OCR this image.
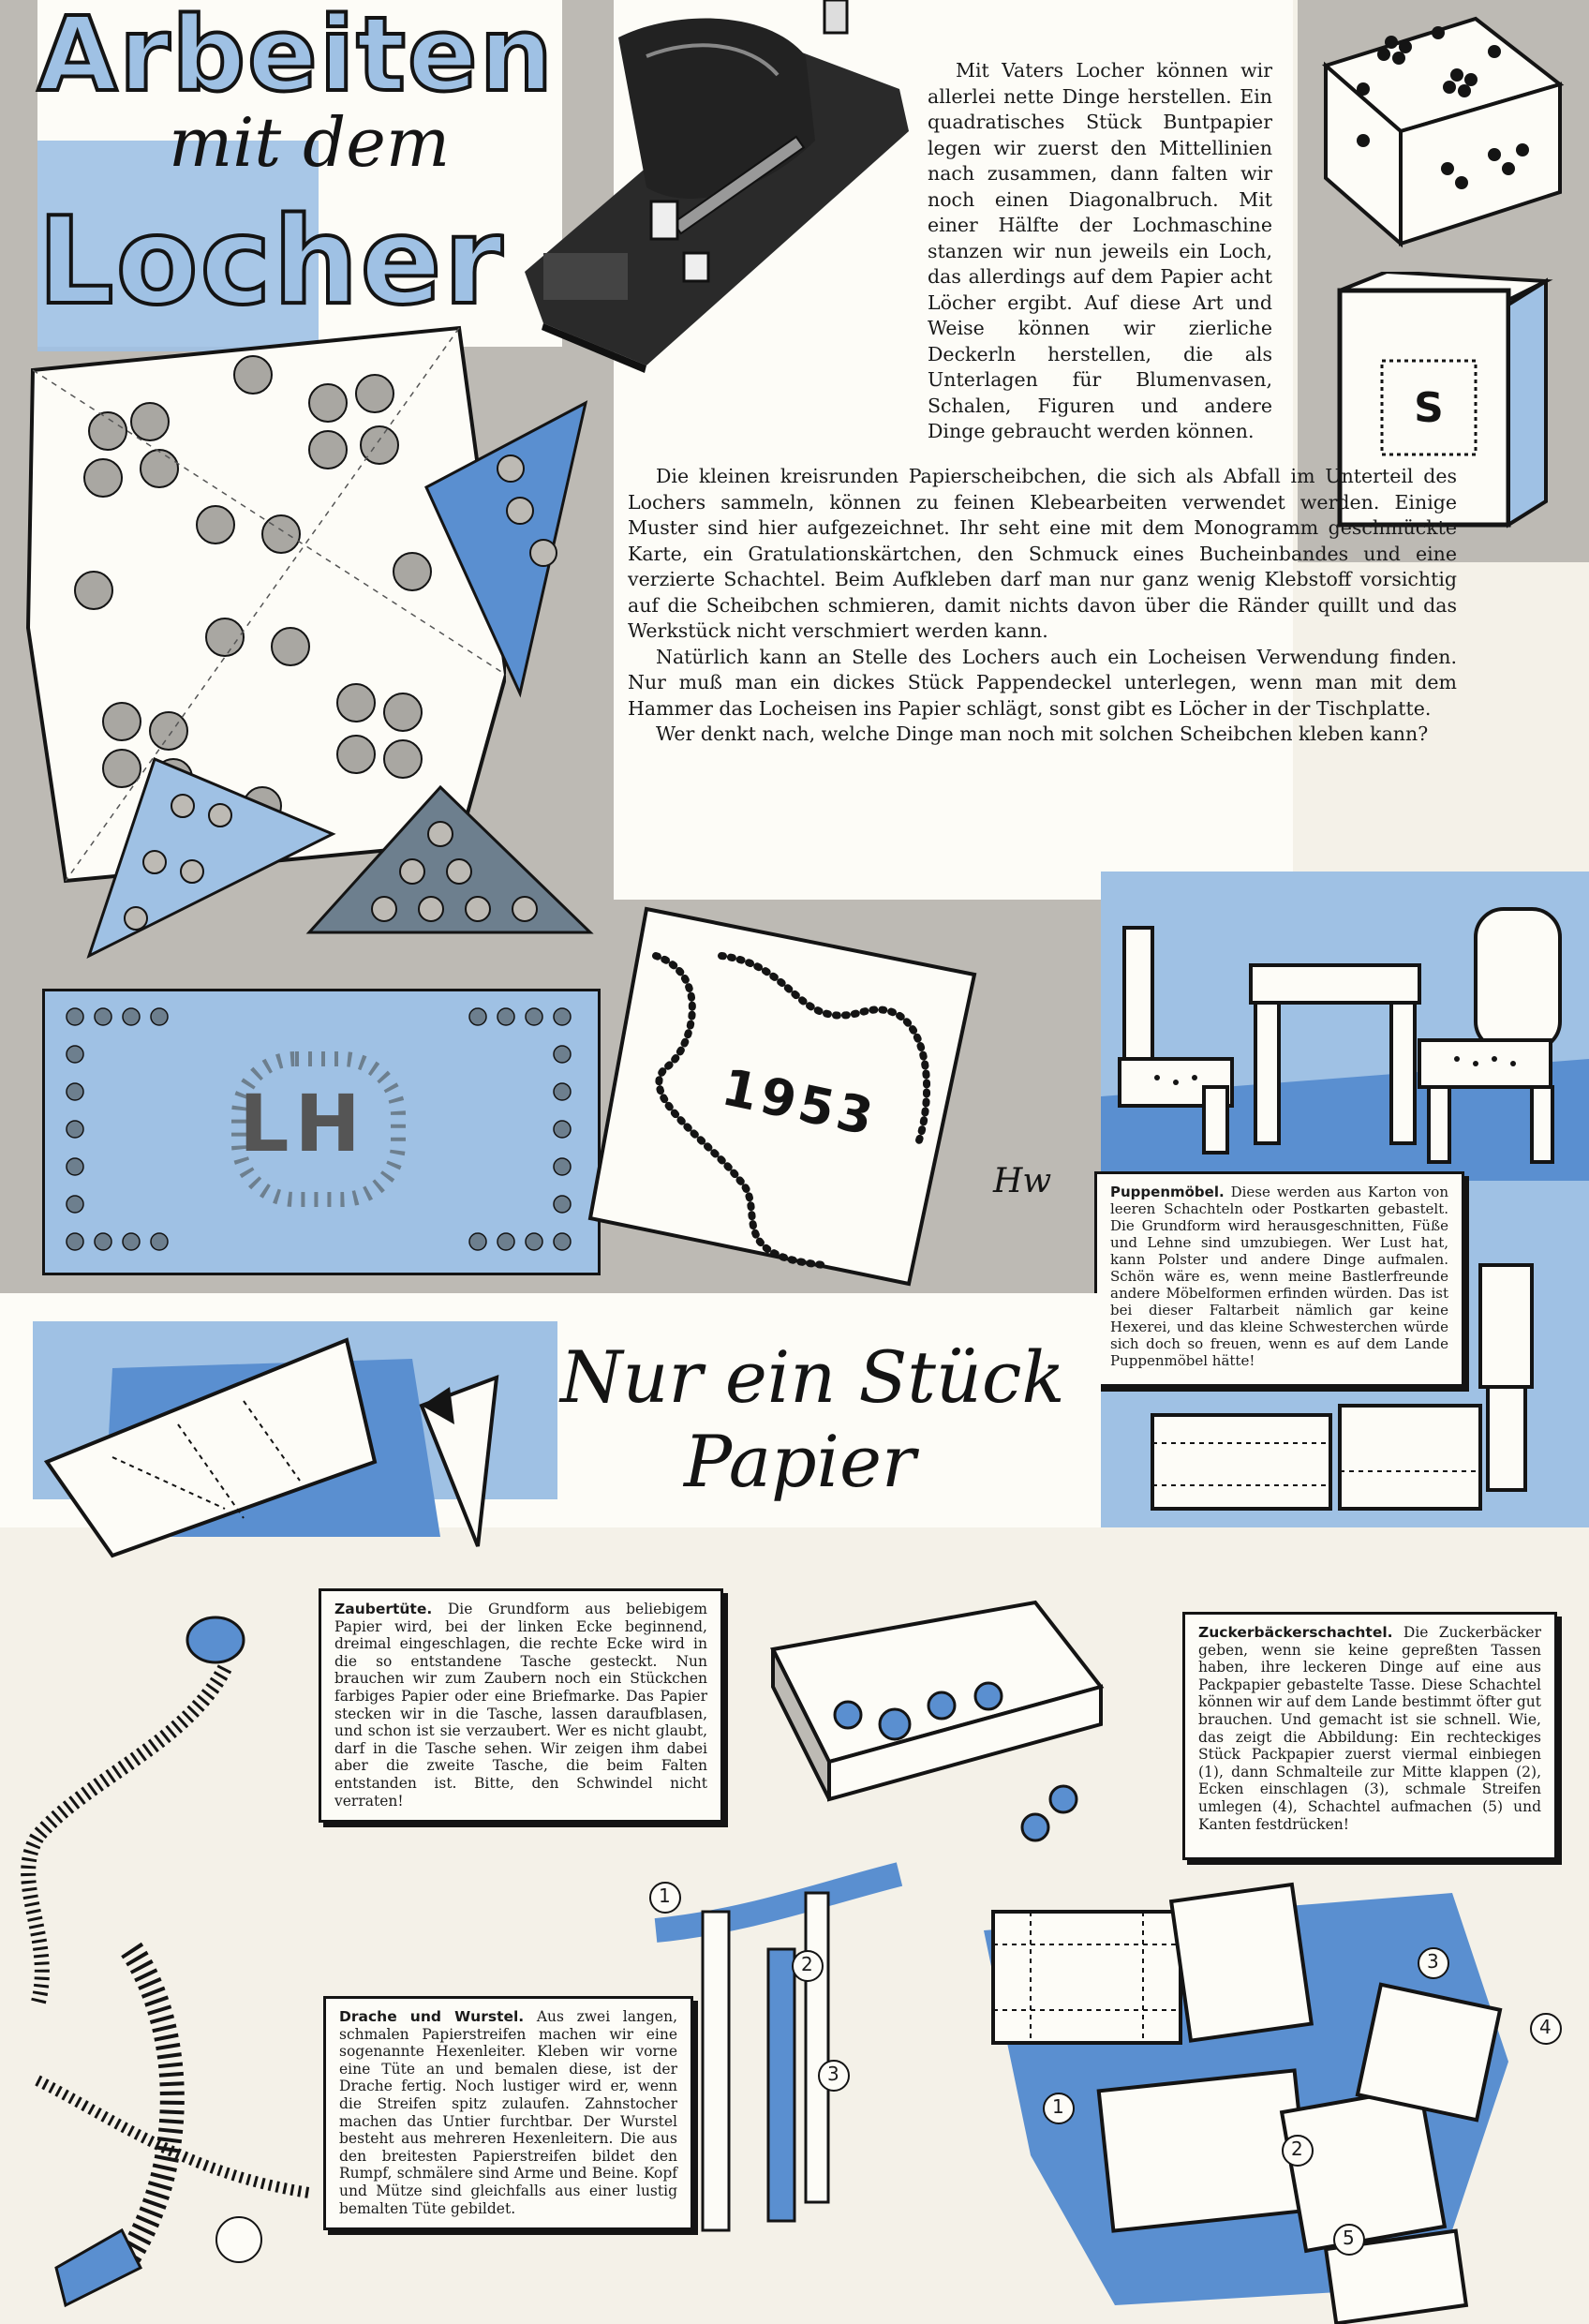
Arbeiten
mit dem
Locher
S
LH	1953
Hw

Mit Vaters Locher können wir allerlei nette Dinge herstellen. Ein quadratisches Stück Buntpapier legen wir zuerst den Mittellinien nach zusammen, dann falten wir noch einen Diagonalbruch. Mit einer Hälfte der Lochmaschine stanzen wir nun jeweils ein Loch, das allerdings auf dem Papier acht Löcher ergibt. Auf diese Art und Weise können wir zierliche Deckerln herstellen, die als Unterlagen für Blumenvasen, Schalen, Figuren und andere Dinge gebraucht werden können.

Die kleinen kreisrunden Papierscheibchen, die sich als Abfall im Unterteil des Lochers sammeln, können zu feinen Klebearbeiten verwendet werden. Einige Muster sind hier aufgezeichnet. Ihr seht eine mit dem Monogramm geschmückte Karte, ein Gratulationskärtchen, den Schmuck eines Bucheinbandes und eine verzierte Schachtel. Beim Aufkleben darf man nur ganz wenig Klebstoff vorsichtig auf die Scheibchen schmieren, damit nichts davon über die Ränder quillt und das Werkstück nicht verschmiert werden kann.

Natürlich kann an Stelle des Lochers auch ein Locheisen Verwendung finden. Nur muß man ein dickes Stück Pappendeckel unterlegen, wenn man mit dem Hammer das Locheisen ins Papier schlägt, sonst gibt es Löcher in der Tischplatte.

Wer denkt nach, welche Dinge man noch mit solchen Scheibchen kleben kann?

Puppenmöbel. Diese werden aus Karton von leeren Schachteln oder Postkarten gebastelt. Die Grundform wird herausgeschnitten, Füße und Lehne sind umzubiegen. Wer Lust hat, kann Polster und andere Dinge aufmalen. Schön wäre es, wenn meine Bastlerfreunde andere Möbelformen erfinden würden. Das ist bei dieser Faltarbeit nämlich gar keine Hexerei, und das kleine Schwesterchen würde sich doch so freuen, wenn es auf dem Lande Puppenmöbel hätte!
Nur ein Stück
Papier
Zaubertüte. Die Grundform aus beliebigem Papier wird, bei der linken Ecke beginnend, dreimal eingeschlagen, die rechte Ecke wird in die so entstandene Tasche gesteckt. Nun brauchen wir zum Zaubern noch ein Stückchen farbiges Papier oder eine Briefmarke. Das Papier stecken wir in die Tasche, lassen daraufblasen, und schon ist sie verzaubert. Wer es nicht glaubt, darf in die Tasche sehen. Wir zeigen ihm dabei aber die zweite Tasche, die beim Falten entstanden ist. Bitte, den Schwindel nicht verraten!
Zuckerbäckerschachtel. Die Zuckerbäcker geben, wenn sie keine gepreßten Tassen haben, ihre leckeren Dinge auf eine aus Packpapier gebastelte Tasse. Diese Schachtel können wir auf dem Lande bestimmt öfter gut brauchen. Und gemacht ist sie schnell. Wie, das zeigt die Abbildung: Ein rechteckiges Stück Packpapier zuerst viermal einbiegen (1), dann Schmalteile zur Mitte klappen (2), Ecken einschlagen (3), schmale Streifen umlegen (4), Schachtel aufmachen (5) und Kanten festdrücken!
Drache und Wurstel. Aus zwei langen, schmalen Papierstreifen machen wir eine sogenannte Hexenleiter. Kleben wir vorne eine Tüte an und bemalen diese, ist der Drache fertig. Noch lustiger wird er, wenn die Streifen spitz zulaufen. Zahnstocher machen das Untier furchtbar. Der Wurstel besteht aus mehreren Hexenleitern. Die aus den breitesten Papierstreifen bildet den Rumpf, schmälere sind Arme und Beine. Kopf und Mütze sind gleichfalls aus einer lustig bemalten Tüte gebildet.
1
2
3
1
2
3
4
5
